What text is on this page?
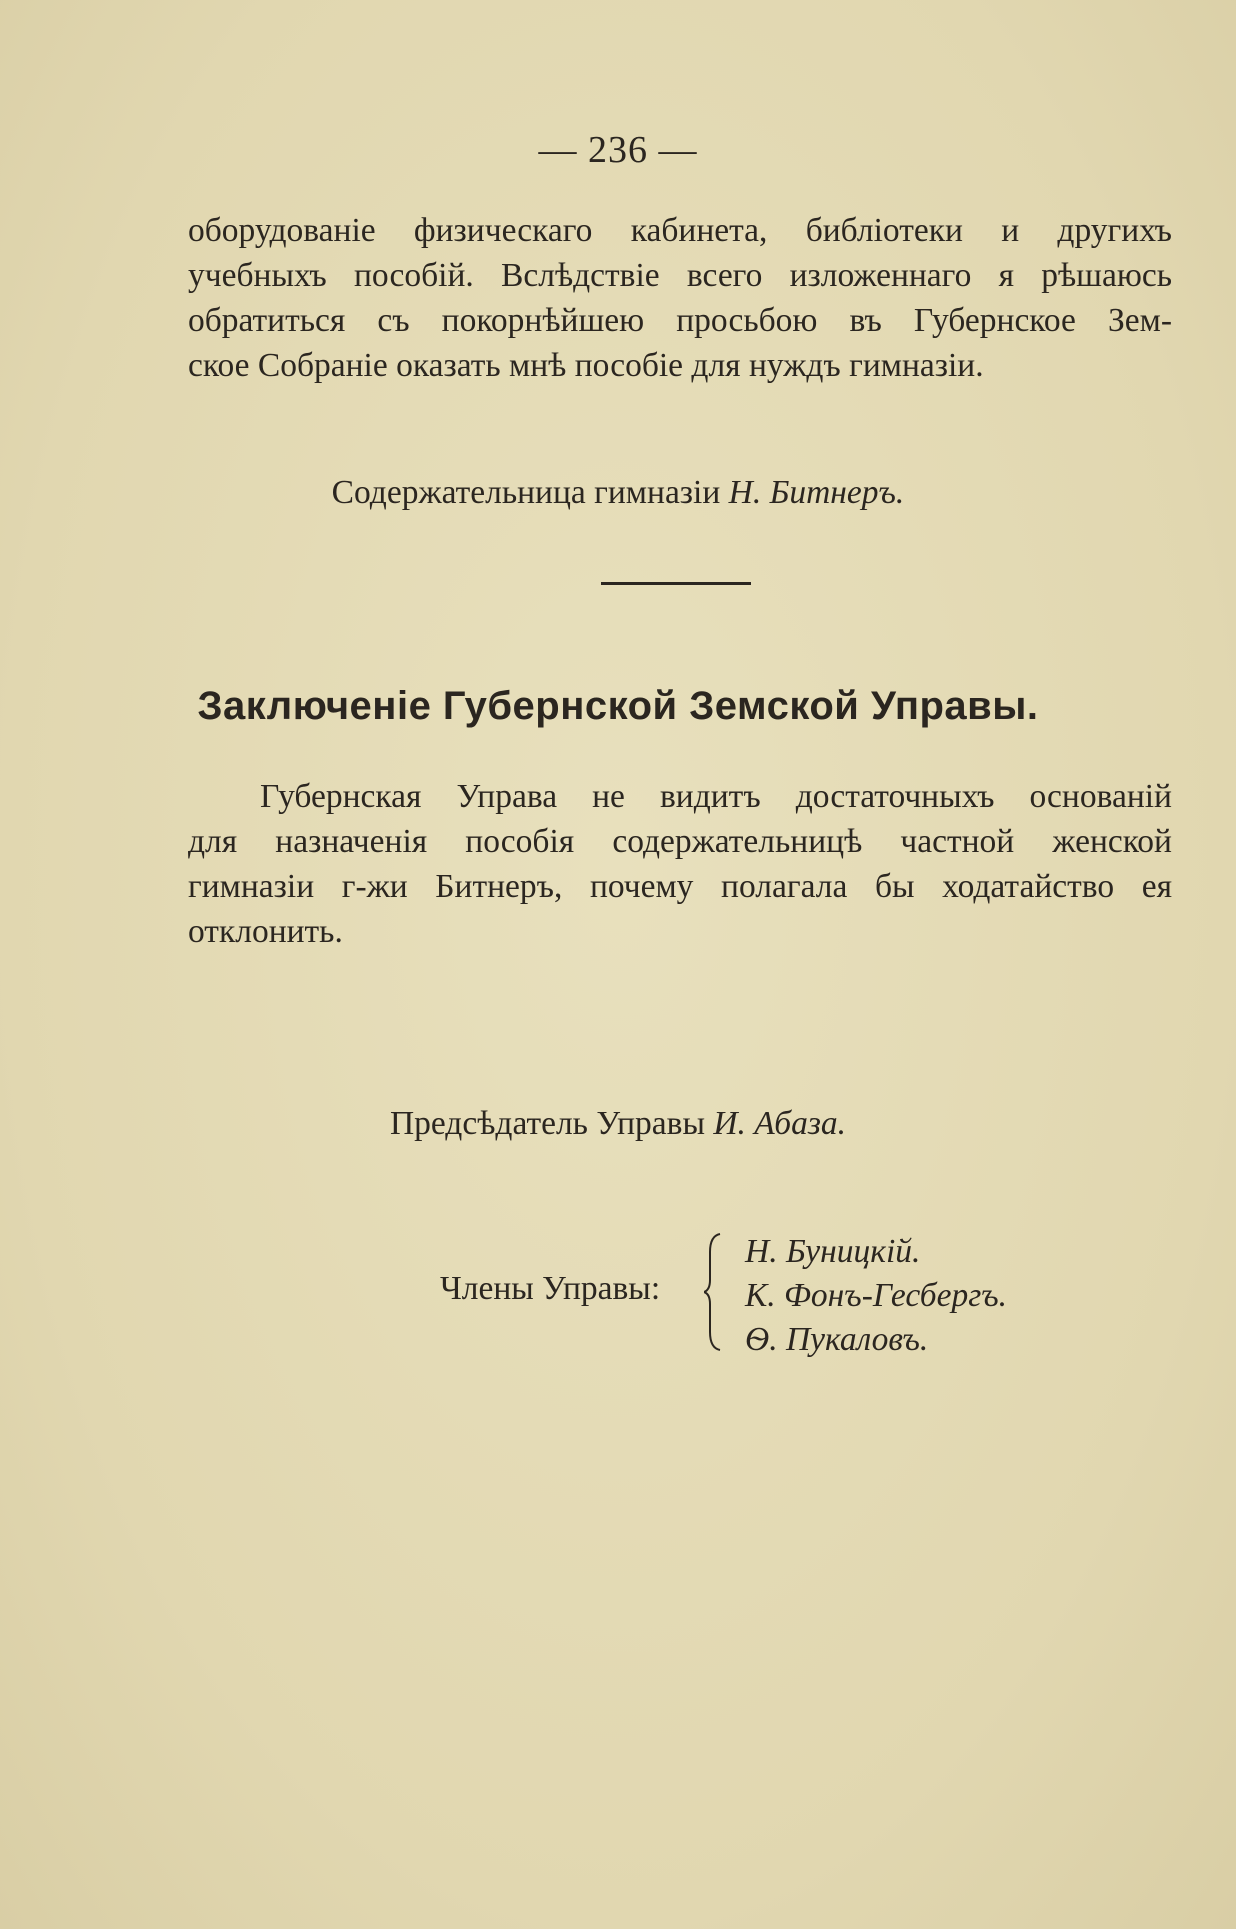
— 236 —

оборудованіе физическаго кабинета, библіотеки и другихъ
учебныхъ пособій. Вслѣдствіе всего изложеннаго я рѣшаюсь
обратиться съ покорнѣйшею просьбою въ Губернское Зем-
ское Собраніе оказать мнѣ пособіе для нуждъ гимназіи.

Содержательница гимназіи Н. Битнеръ.
Заключеніе Губернской Земской Управы.

Губернская Управа не видитъ достаточныхъ основаній
для назначенія пособія содержательницѣ частной женской
гимназіи г-жи Битнеръ, почему полагала бы ходатайство ея
отклонить.

Предсѣдатель Управы И. Абаза.
Члены Управы:
Н. Буницкій.
К. Фонъ-Гесбергъ.
Ѳ. Пукаловъ.
